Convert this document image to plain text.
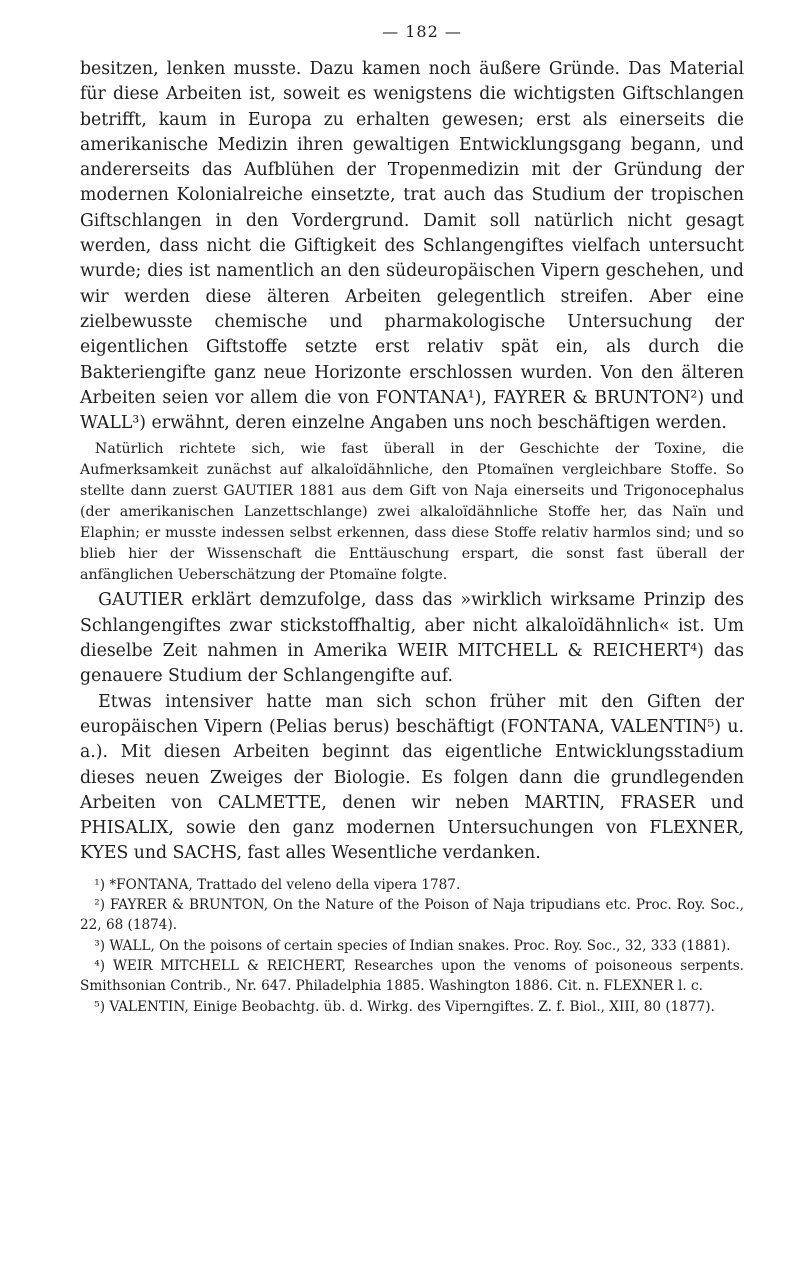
— 182 —

besitzen, lenken musste. Dazu kamen noch äußere Gründe. Das Material für diese Arbeiten ist, soweit es wenigstens die wichtigsten Giftschlangen betrifft, kaum in Europa zu erhalten gewesen; erst als einerseits die amerikanische Medizin ihren gewaltigen Entwicklungsgang begann, und andererseits das Aufblühen der Tropenmedizin mit der Gründung der modernen Kolonialreiche einsetzte, trat auch das Studium der tropischen Giftschlangen in den Vordergrund. Damit soll natürlich nicht gesagt werden, dass nicht die Giftigkeit des Schlangengiftes vielfach untersucht wurde; dies ist namentlich an den südeuropäischen Vipern geschehen, und wir werden diese älteren Arbeiten gelegentlich streifen. Aber eine zielbewusste chemische und pharmakologische Untersuchung der eigentlichen Giftstoffe setzte erst relativ spät ein, als durch die Bakteriengifte ganz neue Horizonte erschlossen wurden. Von den älteren Arbeiten seien vor allem die von FONTANA¹), FAYRER & BRUNTON²) und WALL³) erwähnt, deren einzelne Angaben uns noch beschäftigen werden.

Natürlich richtete sich, wie fast überall in der Geschichte der Toxine, die Aufmerksamkeit zunächst auf alkaloïdähnliche, den Ptomaïnen vergleichbare Stoffe. So stellte dann zuerst GAUTIER 1881 aus dem Gift von Naja einerseits und Trigonocephalus (der amerikanischen Lanzettschlange) zwei alkaloïdähnliche Stoffe her, das Naïn und Elaphin; er musste indessen selbst erkennen, dass diese Stoffe relativ harmlos sind; und so blieb hier der Wissenschaft die Enttäuschung erspart, die sonst fast überall der anfänglichen Ueberschätzung der Ptomaïne folgte.

GAUTIER erklärt demzufolge, dass das »wirklich wirksame Prinzip des Schlangengiftes zwar stickstoffhaltig, aber nicht alkaloïdähnlich« ist. Um dieselbe Zeit nahmen in Amerika WEIR MITCHELL & REICHERT⁴) das genauere Studium der Schlangengifte auf.

Etwas intensiver hatte man sich schon früher mit den Giften der europäischen Vipern (Pelias berus) beschäftigt (FONTANA, VALENTIN⁵) u. a.). Mit diesen Arbeiten beginnt das eigentliche Entwicklungsstadium dieses neuen Zweiges der Biologie. Es folgen dann die grundlegenden Arbeiten von CALMETTE, denen wir neben MARTIN, FRASER und PHISALIX, sowie den ganz modernen Untersuchungen von FLEXNER, KYES und SACHS, fast alles Wesentliche verdanken.

¹) *FONTANA, Trattado del veleno della vipera 1787.

²) FAYRER & BRUNTON, On the Nature of the Poison of Naja tripudians etc. Proc. Roy. Soc., 22, 68 (1874).

³) WALL, On the poisons of certain species of Indian snakes. Proc. Roy. Soc., 32, 333 (1881).

⁴) WEIR MITCHELL & REICHERT, Researches upon the venoms of poisoneous serpents. Smithsonian Contrib., Nr. 647. Philadelphia 1885. Washington 1886. Cit. n. FLEXNER l. c.

⁵) VALENTIN, Einige Beobachtg. üb. d. Wirkg. des Viperngiftes. Z. f. Biol., XIII, 80 (1877).
